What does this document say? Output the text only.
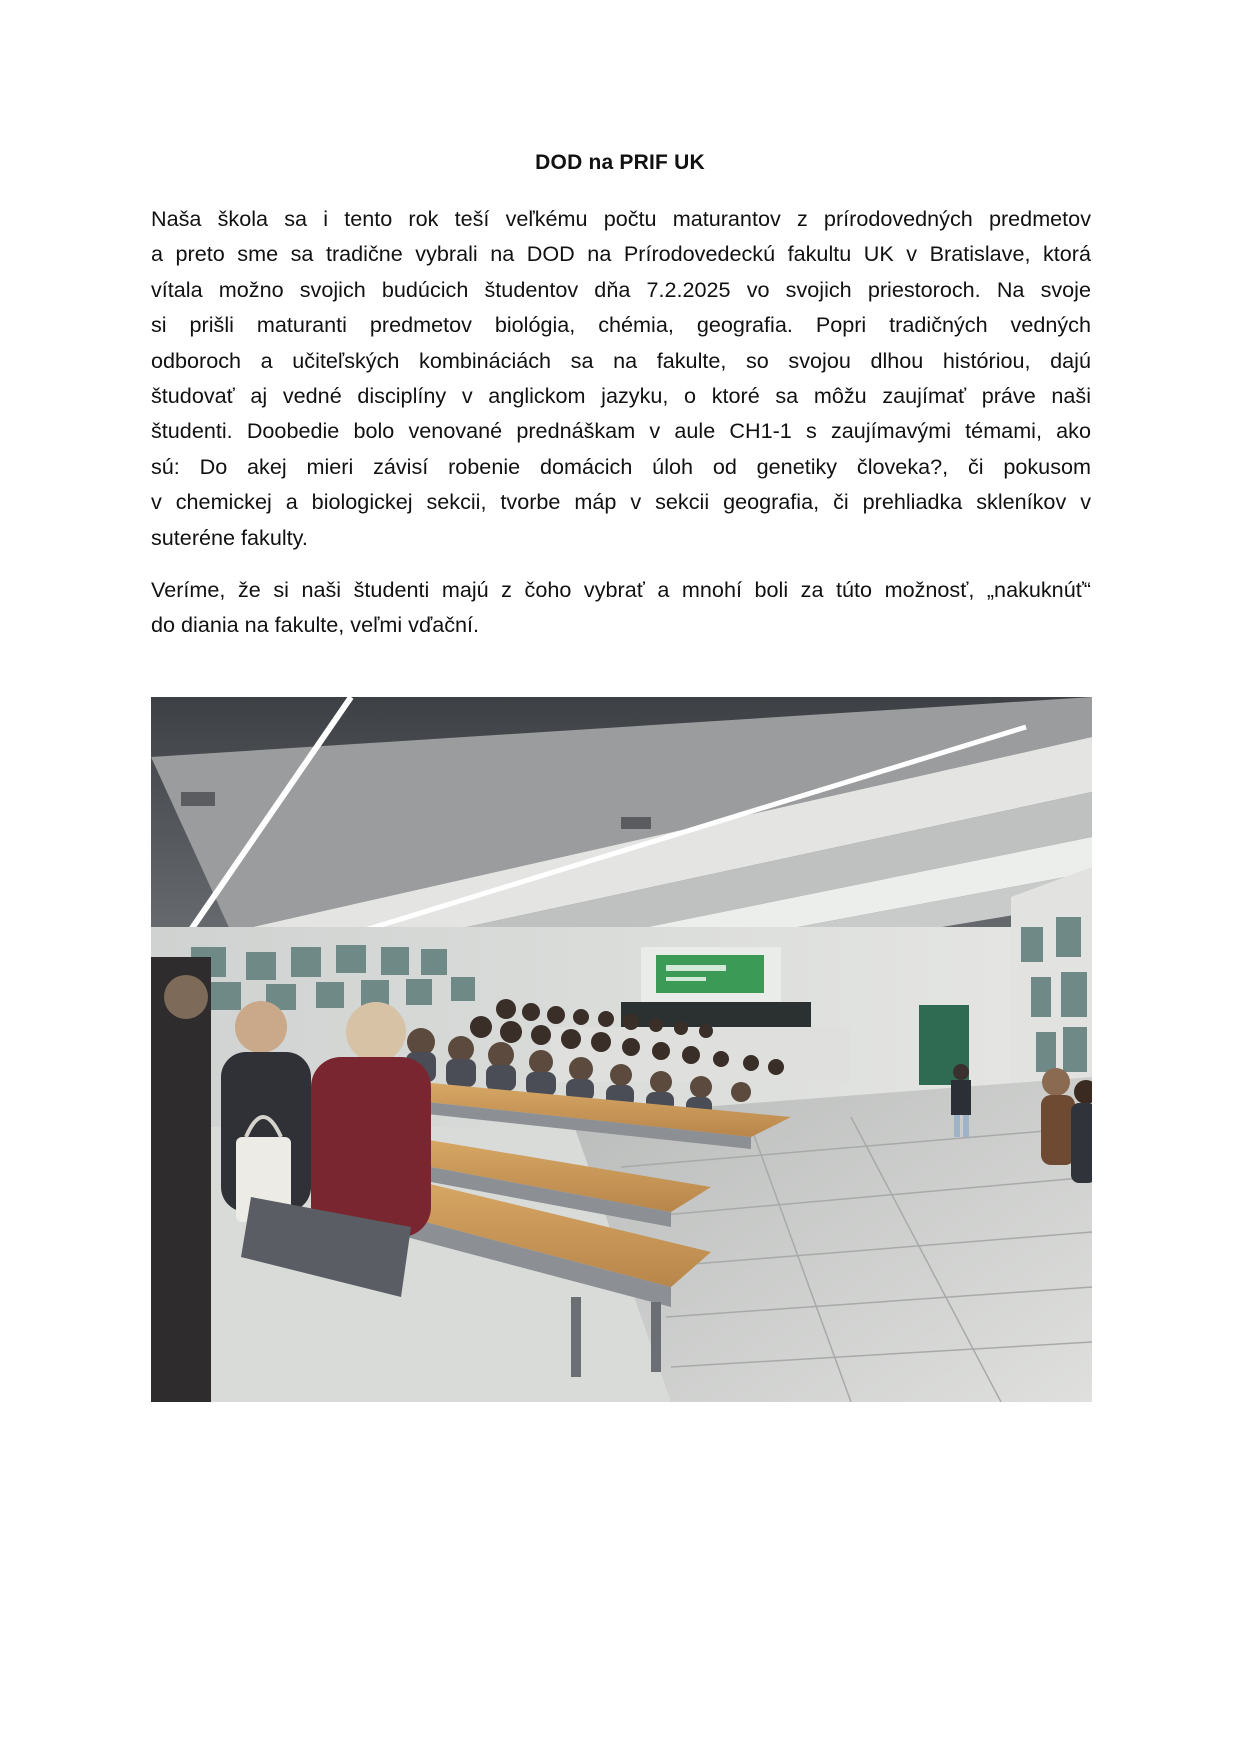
DOD na PRIF UK
Naša škola sa i tento rok teší veľkému počtu maturantov z prírodovedných predmetov
a preto sme sa tradične vybrali na DOD na Prírodovedeckú fakultu UK v Bratislave, ktorá
vítala možno svojich budúcich študentov dňa 7.2.2025 vo svojich priestoroch. Na svoje
si prišli maturanti predmetov biológia, chémia, geografia. Popri tradičných vedných
odboroch a učiteľských kombináciách sa na fakulte, so svojou dlhou históriou, dajú
študovať aj vedné disciplíny v anglickom jazyku, o ktoré sa môžu zaujímať práve naši
študenti. Doobedie bolo venované prednáškam v aule CH1-1 s zaujímavými témami, ako
sú: Do akej mieri závisí robenie domácich úloh od genetiky človeka?, či pokusom
v chemickej a biologickej sekcii, tvorbe máp v sekcii geografia, či prehliadka skleníkov v
suteréne fakulty.
Veríme, že si naši študenti majú z čoho vybrať a mnohí boli za túto možnosť, „nakuknúť“
do diania na fakulte, veľmi vďační.
